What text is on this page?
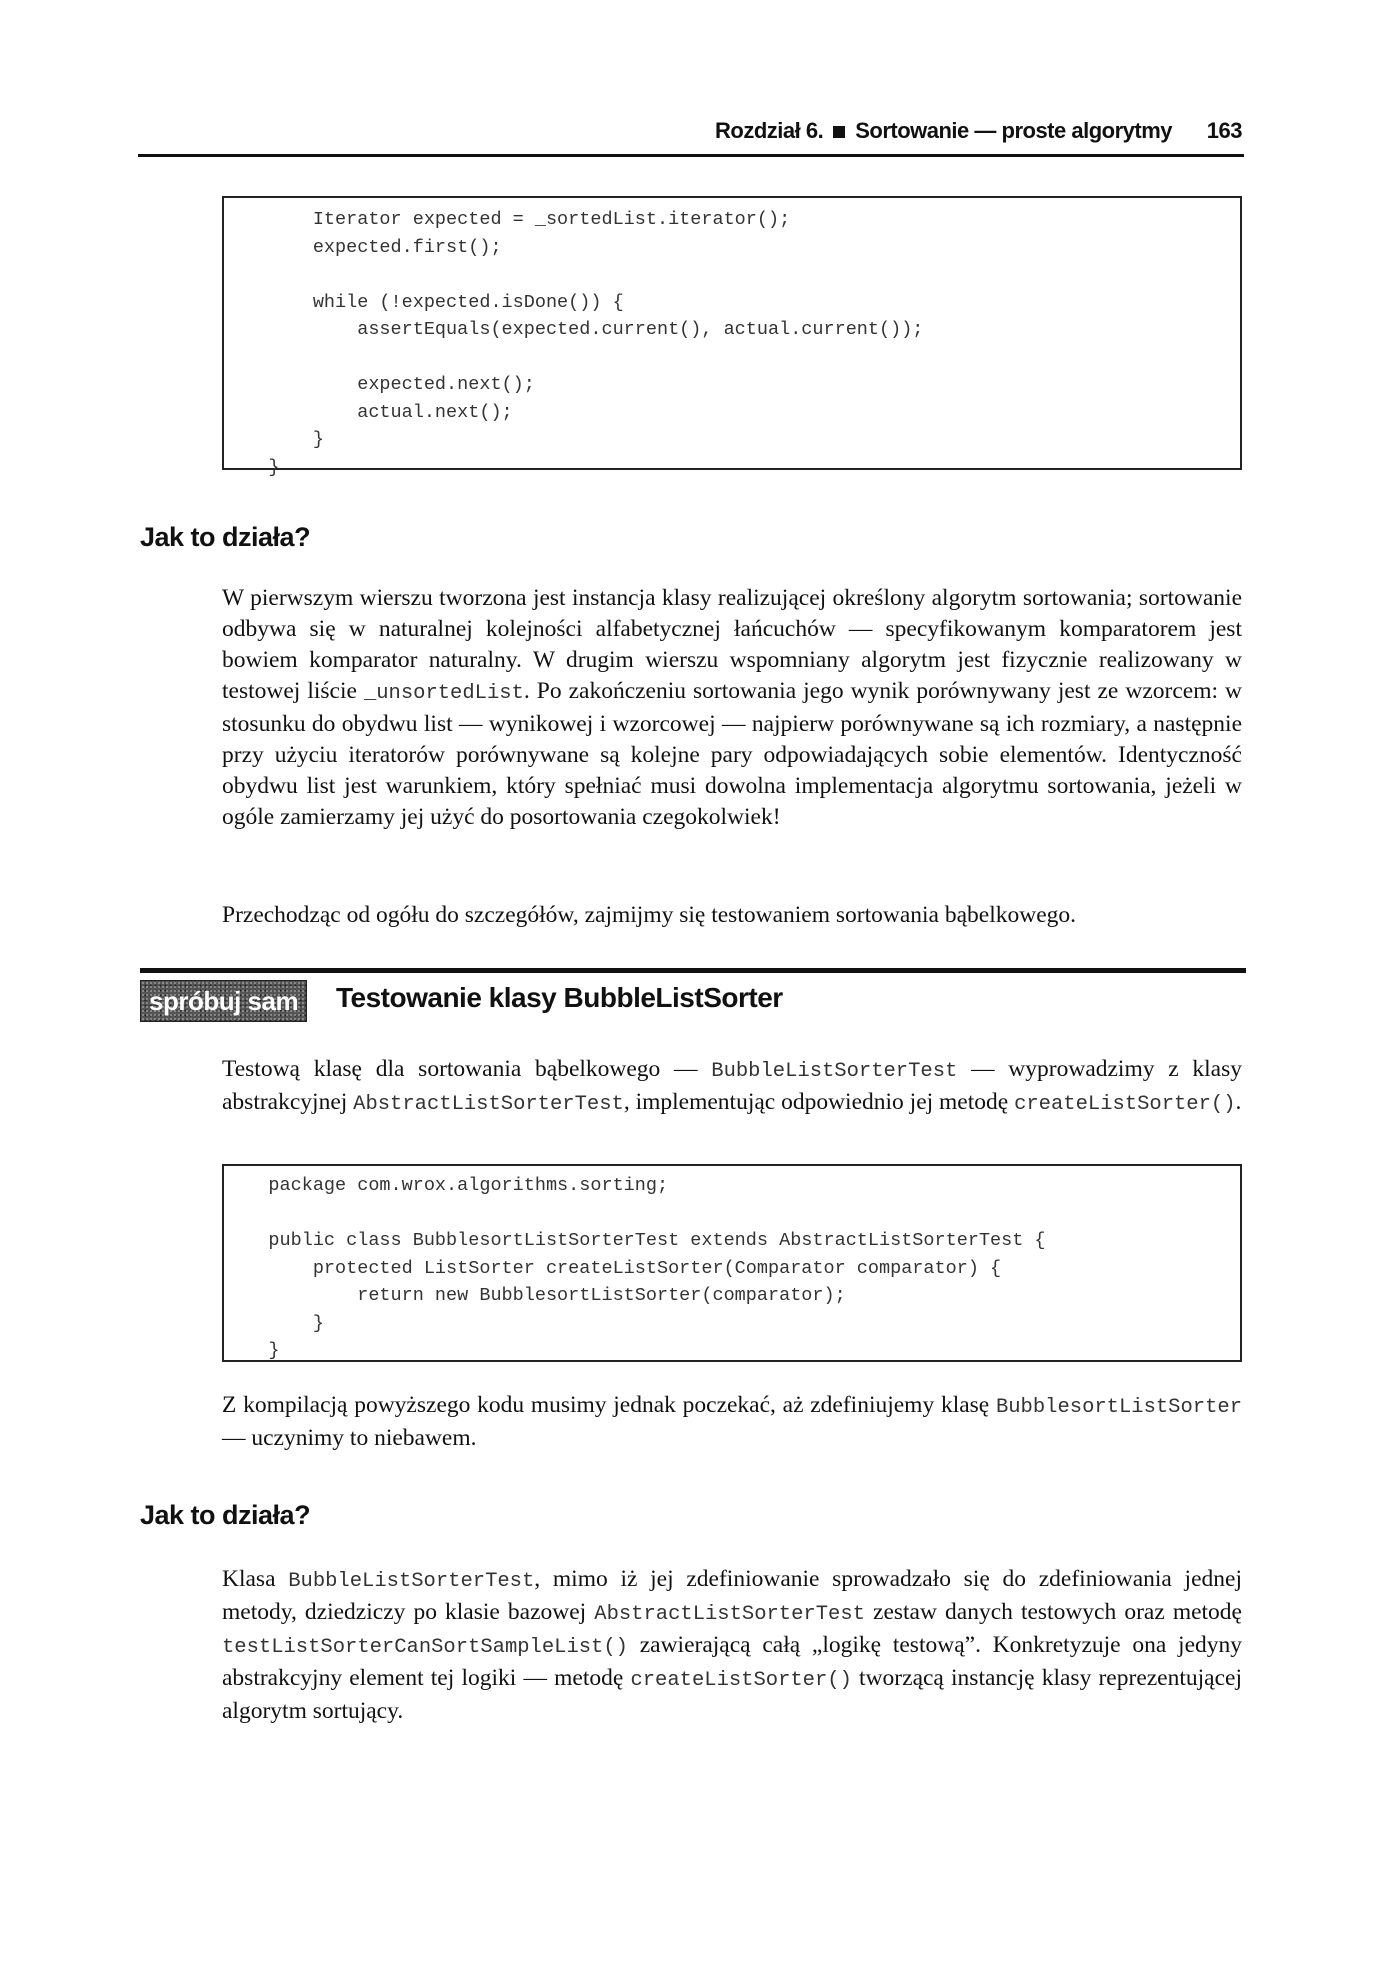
Rozdział 6. Sortowanie — proste algorytmy 163
Iterator expected = _sortedList.iterator();
expected.first();

while (!expected.isDone()) {
assertEquals(expected.current(), actual.current());

expected.next();
actual.next();
}
}
Jak to działa?
W pierwszym wierszu tworzona jest instancja klasy realizującej określony algorytm sortowania; sortowanie odbywa się w naturalnej kolejności alfabetycznej łańcuchów — specyfikowanym komparatorem jest bowiem komparator naturalny. W drugim wierszu wspomniany algorytm jest fizycznie realizowany w testowej liście _unsortedList. Po zakończeniu sortowania jego wynik porównywany jest ze wzorcem: w stosunku do obydwu list — wynikowej i wzorcowej — najpierw porównywane są ich rozmiary, a następnie przy użyciu iteratorów porównywane są kolejne pary odpowiadających sobie elementów. Identyczność obydwu list jest warunkiem, który spełniać musi dowolna implementacja algorytmu sortowania, jeżeli w ogóle zamierzamy jej użyć do posortowania czegokolwiek!
Przechodząc od ogółu do szczegółów, zajmijmy się testowaniem sortowania bąbelkowego.
spróbuj sam	Testowanie klasy BubbleListSorter
Testową klasę dla sortowania bąbelkowego — BubbleListSorterTest — wyprowadzimy z klasy abstrakcyjnej AbstractListSorterTest, implementując odpowiednio jej metodę createListSorter().
package com.wrox.algorithms.sorting;

public class BubblesortListSorterTest extends AbstractListSorterTest {
protected ListSorter createListSorter(Comparator comparator) {
return new BubblesortListSorter(comparator);
}
}
Z kompilacją powyższego kodu musimy jednak poczekać, aż zdefiniujemy klasę BubblesortListSorter — uczynimy to niebawem.
Jak to działa?
Klasa BubbleListSorterTest, mimo iż jej zdefiniowanie sprowadzało się do zdefiniowania jednej metody, dziedziczy po klasie bazowej AbstractListSorterTest zestaw danych testowych oraz metodę testListSorterCanSortSampleList() zawierającą całą „logikę testową”. Konkretyzuje ona jedyny abstrakcyjny element tej logiki — metodę createListSorter() tworzącą instancję klasy reprezentującej algorytm sortujący.
